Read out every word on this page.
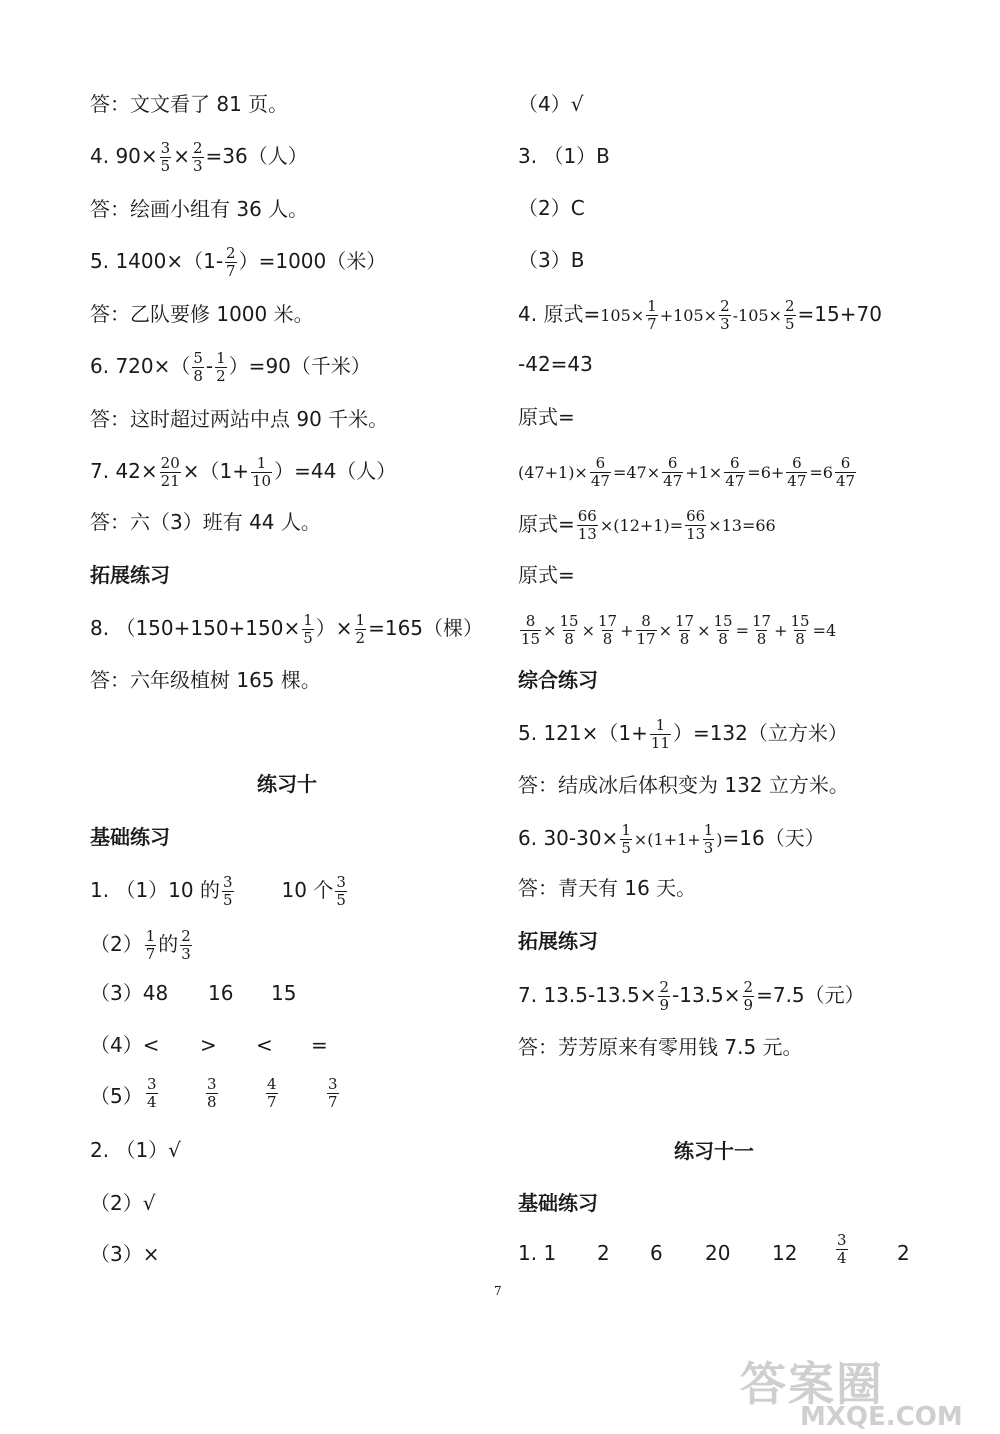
答：文文看了 81 页。
4. $90\times \frac{3}{5} \times \frac{2}{3} =36$（人）
答：绘画小组有 36 人。
5. $1400\times(1- \frac{2}{7} )=1000$（米）
答：乙队要修 1000 米。
6. $720\times( \frac{5}{8} - \frac{1}{2} )=90$（千米）
答：这时超过两站中点 90 千米。
7. $42\times \frac{20}{21} \times(1+ \frac{1}{10} )=44$（人）
答：六（3）班有 44 人。
拓展练习
8. （$150+150+150\times \frac{1}{5}$ ）× $\frac{1}{2} =165$（棵）
答：六年级植树 165 棵。
练习十
基础练习
1. （1）10 的 $\frac{3}{5} 10$ 个 $\frac{3}{5}$
$(2) \frac{1}{7}$ 的 $\frac{2}{3}$
（3）48 16 15
（4）< > < =
$(5) \frac{3}{4}$	$\frac{3}{8}$	$\frac{4}{7}$	$\frac{3}{7}$
2. （1）√
（2）√
（3）×
（4）√
3. （1）B
（2）C
（3）B
4. 原式$=105\times \frac{1}{7} +105\times \frac{2}{3} -105\times \frac{2}{5} =15+70$
-42=43
原式=
$(47+1)\times \frac{6}{47} =47\times \frac{6}{47} +1\times \frac{6}{47} =6+ \frac{6}{47} =6 \frac{6}{47}$
原式= $\frac{66}{13} \times(12+1)= \frac{66}{13} \times 13=66$
原式=
$\frac{8}{15} \times \frac{15}{8} \times \frac{17}{8} + \frac{8}{17} \times \frac{17}{8} \times \frac{15}{8} = \frac{17}{8} + \frac{15}{8} =4$
综合练习
5. $121\times(1+ \frac{1}{11} )=132$（立方米）
答：结成冰后体积变为 132 立方米。
6. $30-30\times \frac{1}{5} \times(1+1+ \frac{1}{3} )=16$（天）
答：青天有 16 天。
拓展练习
7. $13.5-13.5\times \frac{2}{9} -13.5\times \frac{2}{9} =7.5$（元）
答：芳芳原来有零用钱 7.5 元。
练习十一
基础练习
1. 1 2 6 20 12	$\frac{3}{4} 2$
7
答案圈
MXQE.COM
